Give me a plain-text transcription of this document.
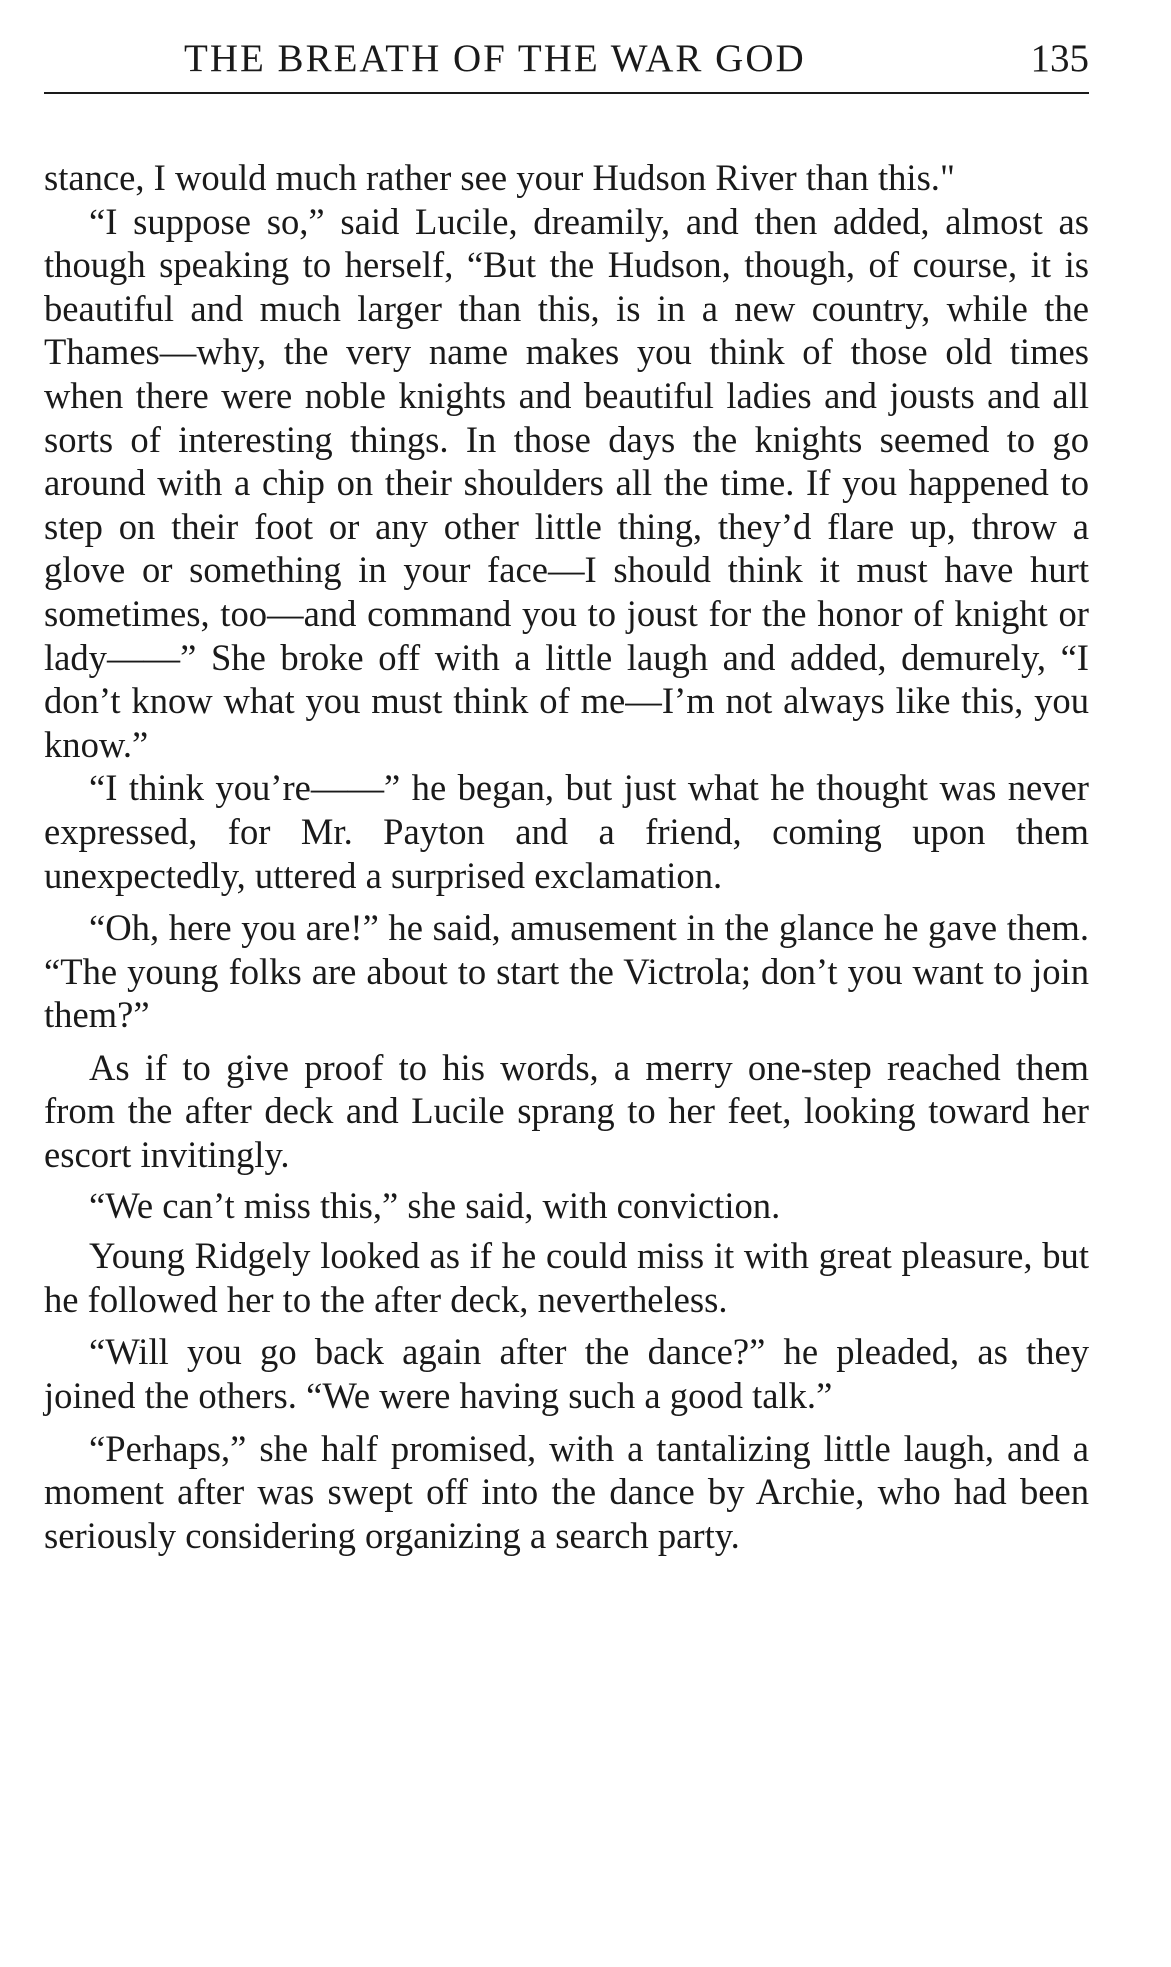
THE BREATH OF THE WAR GOD	135

stance, I would much rather see your Hudson River than this."

“I suppose so,” said Lucile, dreamily, and then added, almost as though speaking to herself, “But the Hudson, though, of course, it is beautiful and much larger than this, is in a new country, while the Thames—why, the very name makes you think of those old times when there were noble knights and beautiful ladies and jousts and all sorts of interesting things. In those days the knights seemed to go around with a chip on their shoulders all the time. If you happened to step on their foot or any other little thing, they’d flare up, throw a glove or something in your face—I should think it must have hurt sometimes, too—and command you to joust for the honor of knight or lady——” She broke off with a little laugh and added, demurely, “I don’t know what you must think of me—I’m not always like this, you know.”

“I think you’re——” he began, but just what he thought was never expressed, for Mr. Payton and a friend, coming upon them unexpectedly, uttered a surprised exclamation.

“Oh, here you are!” he said, amusement in the glance he gave them. “The young folks are about to start the Victrola; don’t you want to join them?”

As if to give proof to his words, a merry one-step reached them from the after deck and Lucile sprang to her feet, looking toward her escort invitingly.

“We can’t miss this,” she said, with conviction.

Young Ridgely looked as if he could miss it with great pleasure, but he followed her to the after deck, nevertheless.

“Will you go back again after the dance?” he pleaded, as they joined the others. “We were having such a good talk.”

“Perhaps,” she half promised, with a tantalizing little laugh, and a moment after was swept off into the dance by Archie, who had been seriously considering organizing a search party.
